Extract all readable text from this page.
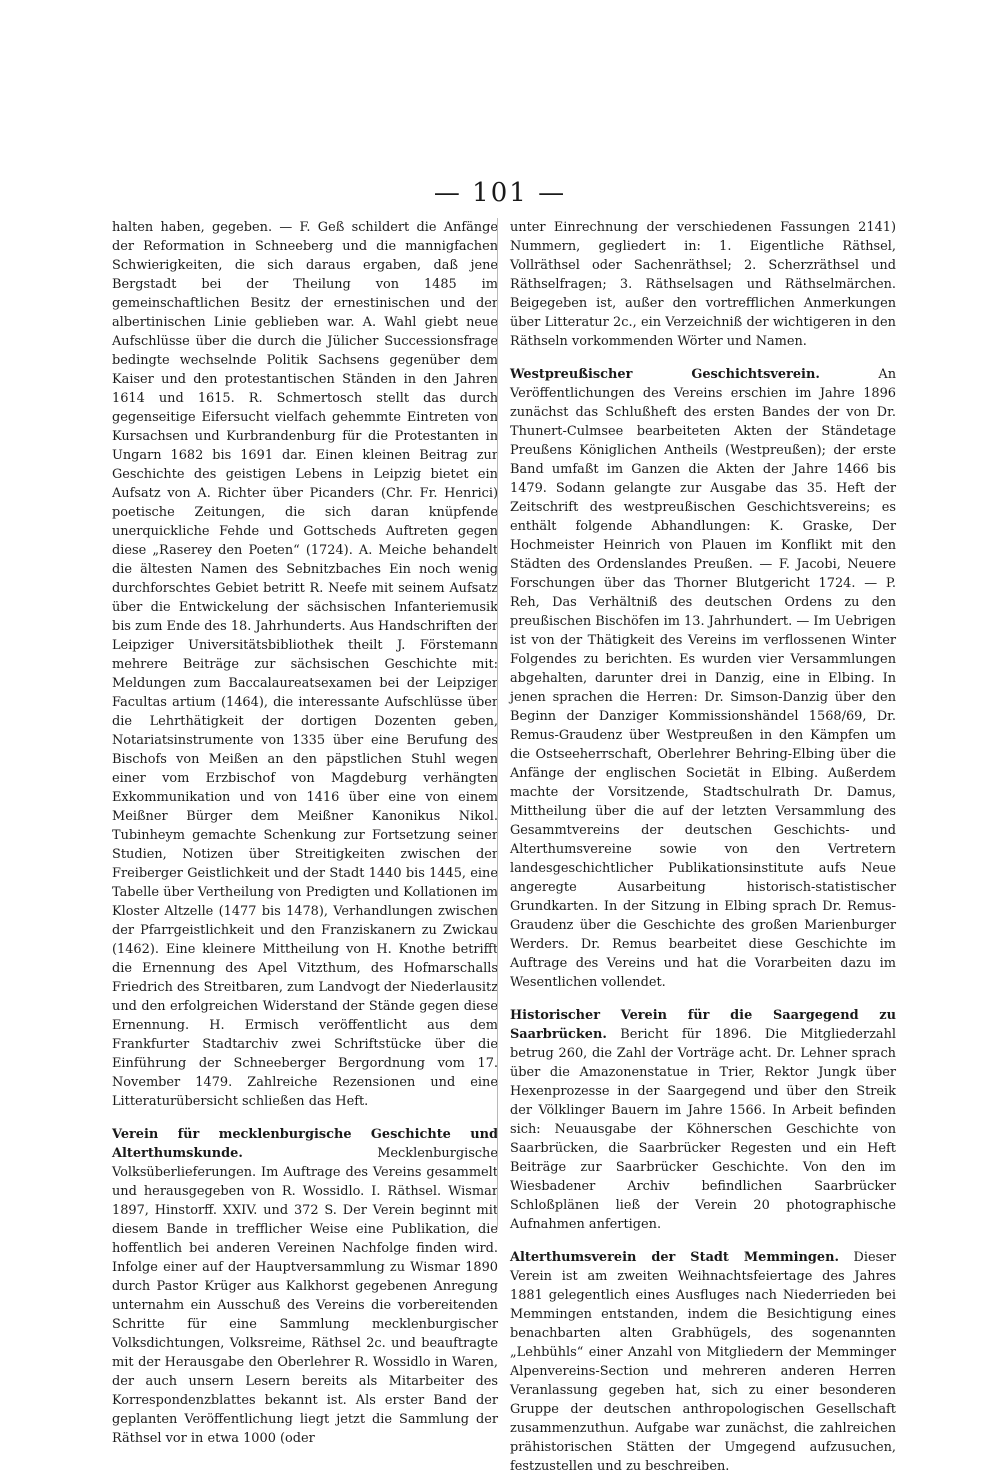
— 101 —

halten haben, gegeben. — F. Geß schildert die Anfänge der Reformation in Schneeberg und die mannigfachen Schwierigkeiten, die sich daraus ergaben, daß jene Bergstadt bei der Theilung von 1485 im gemeinschaftlichen Besitz der ernestinischen und der albertinischen Linie geblieben war. A. Wahl giebt neue Aufschlüsse über die durch die Jülicher Successionsfrage bedingte wechselnde Politik Sachsens gegenüber dem Kaiser und den protestantischen Ständen in den Jahren 1614 und 1615. R. Schmertosch stellt das durch gegenseitige Eifersucht vielfach gehemmte Eintreten von Kursachsen und Kurbrandenburg für die Protestanten in Ungarn 1682 bis 1691 dar. Einen kleinen Beitrag zur Geschichte des geistigen Lebens in Leipzig bietet ein Aufsatz von A. Richter über Picanders (Chr. Fr. Henrici) poetische Zeitungen, die sich daran knüpfende unerquickliche Fehde und Gottscheds Auftreten gegen diese „Raserey den Poeten“ (1724). A. Meiche behandelt die ältesten Namen des Sebnitzbaches Ein noch wenig durchforschtes Gebiet betritt R. Neefe mit seinem Aufsatz über die Entwickelung der sächsischen Infanteriemusik bis zum Ende des 18. Jahrhunderts. Aus Handschriften der Leipziger Universitätsbibliothek theilt J. Förstemann mehrere Beiträge zur sächsischen Geschichte mit: Meldungen zum Baccalaureatsexamen bei der Leipziger Facultas artium (1464), die interessante Aufschlüsse über die Lehrthätigkeit der dortigen Dozenten geben, Notariatsinstrumente von 1335 über eine Berufung des Bischofs von Meißen an den päpstlichen Stuhl wegen einer vom Erzbischof von Magdeburg verhängten Exkommunikation und von 1416 über eine von einem Meißner Bürger dem Meißner Kanonikus Nikol. Tubinheym gemachte Schenkung zur Fortsetzung seiner Studien, Notizen über Streitigkeiten zwischen der Freiberger Geistlichkeit und der Stadt 1440 bis 1445, eine Tabelle über Vertheilung von Predigten und Kollationen im Kloster Altzelle (1477 bis 1478), Verhandlungen zwischen der Pfarrgeistlichkeit und den Franziskanern zu Zwickau (1462). Eine kleinere Mittheilung von H. Knothe betrifft die Ernennung des Apel Vitzthum, des Hofmarschalls Friedrich des Streitbaren, zum Landvogt der Niederlausitz und den erfolgreichen Widerstand der Stände gegen diese Ernennung. H. Ermisch veröffentlicht aus dem Frankfurter Stadtarchiv zwei Schriftstücke über die Einführung der Schneeberger Bergordnung vom 17. November 1479. Zahlreiche Rezensionen und eine Litteraturübersicht schließen das Heft.

Verein für mecklenburgische Geschichte und Alterthumskunde. Mecklenburgische Volksüberlieferungen. Im Auftrage des Vereins gesammelt und herausgegeben von R. Wossidlo. I. Räthsel. Wismar 1897, Hinstorff. XXIV. und 372 S. Der Verein beginnt mit diesem Bande in trefflicher Weise eine Publikation, die hoffentlich bei anderen Vereinen Nachfolge finden wird. Infolge einer auf der Hauptversammlung zu Wismar 1890 durch Pastor Krüger aus Kalkhorst gegebenen Anregung unternahm ein Ausschuß des Vereins die vorbereitenden Schritte für eine Sammlung mecklenburgischer Volksdichtungen, Volksreime, Räthsel 2c. und beauftragte mit der Herausgabe den Oberlehrer R. Wossidlo in Waren, der auch unsern Lesern bereits als Mitarbeiter des Korrespondenzblattes bekannt ist. Als erster Band der geplanten Veröffentlichung liegt jetzt die Sammlung der Räthsel vor in etwa 1000 (oder

unter Einrechnung der verschiedenen Fassungen 2141) Nummern, gegliedert in: 1. Eigentliche Räthsel, Vollräthsel oder Sachenräthsel; 2. Scherzräthsel und Räthselfragen; 3. Räthselsagen und Räthselmärchen. Beigegeben ist, außer den vortrefflichen Anmerkungen über Litteratur 2c., ein Verzeichniß der wichtigeren in den Räthseln vorkommenden Wörter und Namen.

Westpreußischer Geschichtsverein. An Veröffentlichungen des Vereins erschien im Jahre 1896 zunächst das Schlußheft des ersten Bandes der von Dr. Thunert-Culmsee bearbeiteten Akten der Ständetage Preußens Königlichen Antheils (Westpreußen); der erste Band umfaßt im Ganzen die Akten der Jahre 1466 bis 1479. Sodann gelangte zur Ausgabe das 35. Heft der Zeitschrift des westpreußischen Geschichtsvereins; es enthält folgende Abhandlungen: K. Graske, Der Hochmeister Heinrich von Plauen im Konflikt mit den Städten des Ordenslandes Preußen. — F. Jacobi, Neuere Forschungen über das Thorner Blutgericht 1724. — P. Reh, Das Verhältniß des deutschen Ordens zu den preußischen Bischöfen im 13. Jahrhundert. — Im Uebrigen ist von der Thätigkeit des Vereins im verflossenen Winter Folgendes zu berichten. Es wurden vier Versammlungen abgehalten, darunter drei in Danzig, eine in Elbing. In jenen sprachen die Herren: Dr. Simson-Danzig über den Beginn der Danziger Kommissionshändel 1568/69, Dr. Remus-Graudenz über Westpreußen in den Kämpfen um die Ostseeherrschaft, Oberlehrer Behring-Elbing über die Anfänge der englischen Societät in Elbing. Außerdem machte der Vorsitzende, Stadtschulrath Dr. Damus, Mittheilung über die auf der letzten Versammlung des Gesammtvereins der deutschen Geschichts- und Alterthumsvereine sowie von den Vertretern landesgeschichtlicher Publikationsinstitute aufs Neue angeregte Ausarbeitung historisch-statistischer Grundkarten. In der Sitzung in Elbing sprach Dr. Remus-Graudenz über die Geschichte des großen Marienburger Werders. Dr. Remus bearbeitet diese Geschichte im Auftrage des Vereins und hat die Vorarbeiten dazu im Wesentlichen vollendet.

Historischer Verein für die Saargegend zu Saarbrücken. Bericht für 1896. Die Mitgliederzahl betrug 260, die Zahl der Vorträge acht. Dr. Lehner sprach über die Amazonenstatue in Trier, Rektor Jungk über Hexenprozesse in der Saargegend und über den Streik der Völklinger Bauern im Jahre 1566. In Arbeit befinden sich: Neuausgabe der Köhnerschen Geschichte von Saarbrücken, die Saarbrücker Regesten und ein Heft Beiträge zur Saarbrücker Geschichte. Von den im Wiesbadener Archiv befindlichen Saarbrücker Schloßplänen ließ der Verein 20 photographische Aufnahmen anfertigen.

Alterthumsverein der Stadt Memmingen. Dieser Verein ist am zweiten Weihnachtsfeiertage des Jahres 1881 gelegentlich eines Ausfluges nach Niederrieden bei Memmingen entstanden, indem die Besichtigung eines benachbarten alten Grabhügels, des sogenannten „Lehbühls“ einer Anzahl von Mitgliedern der Memminger Alpenvereins-Section und mehreren anderen Herren Veranlassung gegeben hat, sich zu einer besonderen Gruppe der deutschen anthropologischen Gesellschaft zusammenzuthun. Aufgabe war zunächst, die zahlreichen prähistorischen Stätten der Umgegend aufzusuchen, festzustellen und zu beschreiben.
